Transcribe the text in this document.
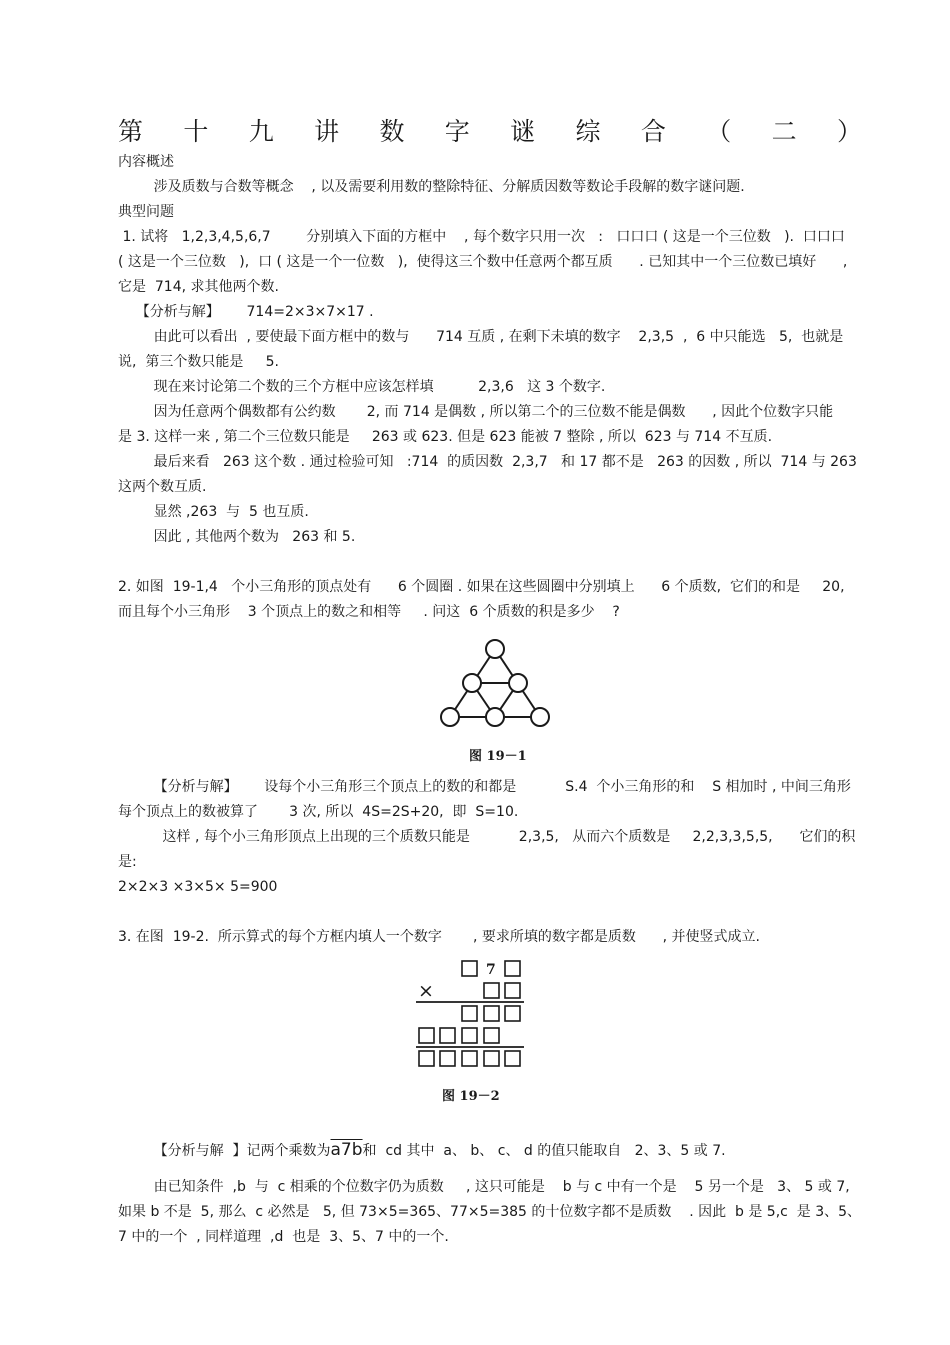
第 十 九 讲 数 字 谜 综 合 （ 二 ）
内容概述
涉及质数与合数等概念    , 以及需要利用数的整除特征、分解质因数等数论手段解的数字谜问题.
典型问题
1. 试将   1,2,3,4,5,6,7        分别填入下面的方框中    , 每个数字只用一次   :   口口口 ( 这是一个三位数   ).  口口口
( 这是一个三位数   ),  口 ( 这是一个一位数   ),  使得这三个数中任意两个都互质      . 已知其中一个三位数已填好      ,
它是  714, 求其他两个数.
【分析与解】      714=2×3×7×17 .
由此可以看出  , 要使最下面方框中的数与      714 互质 , 在剩下未填的数字    2,3,5  ,  6 中只能选   5,  也就是
说,  第三个数只能是     5.
现在来讨论第二个数的三个方框中应该怎样填          2,3,6   这 3 个数字.
因为任意两个偶数都有公约数       2, 而 714 是偶数 , 所以第二个的三位数不能是偶数      , 因此个位数字只能
是 3. 这样一来 , 第二个三位数只能是     263 或 623. 但是 623 能被 7 整除 , 所以  623 与 714 不互质.
最后来看   263 这个数 . 通过检验可知   :714  的质因数  2,3,7   和 17 都不是   263 的因数 , 所以  714 与 263
这两个数互质.
显然 ,263  与  5 也互质.
因此 , 其他两个数为   263 和 5.
2. 如图  19-1,4   个小三角形的顶点处有      6 个圆圈 . 如果在这些圆圈中分别填上      6 个质数,  它们的和是     20,
而且每个小三角形    3 个顶点上的数之和相等     . 问这  6 个质数的积是多少    ?
【分析与解】      设每个小三角形三个顶点上的数的和都是           S.4  个小三角形的和    S 相加时 , 中间三角形
每个顶点上的数被算了       3 次, 所以  4S=2S+20,  即  S=10.
这样 , 每个小三角形顶点上出现的三个质数只能是           2,3,5,   从而六个质数是     2,2,3,3,5,5,      它们的积
是:
2×2×3 ×3×5× 5=900
3. 在图  19-2.  所示算式的每个方框内填人一个数字       , 要求所填的数字都是质数      , 并使竖式成立.
由已知条件  ,b  与  c 相乘的个位数字仍为质数     , 这只可能是    b 与 c 中有一个是    5 另一个是   3、 5 或 7,
如果 b 不是  5, 那么  c 必然是   5, 但 73×5=365、77×5=385 的十位数字都不是质数    . 因此  b 是 5,c  是 3、5、
7 中的一个  , 同样道理  ,d  也是  3、5、7 中的一个.
图 19－1
7
×
图 19－2
【分析与解  】记两个乘数为a7b和  cd 其中  a、 b、 c、 d 的值只能取自   2、3、5 或 7.
